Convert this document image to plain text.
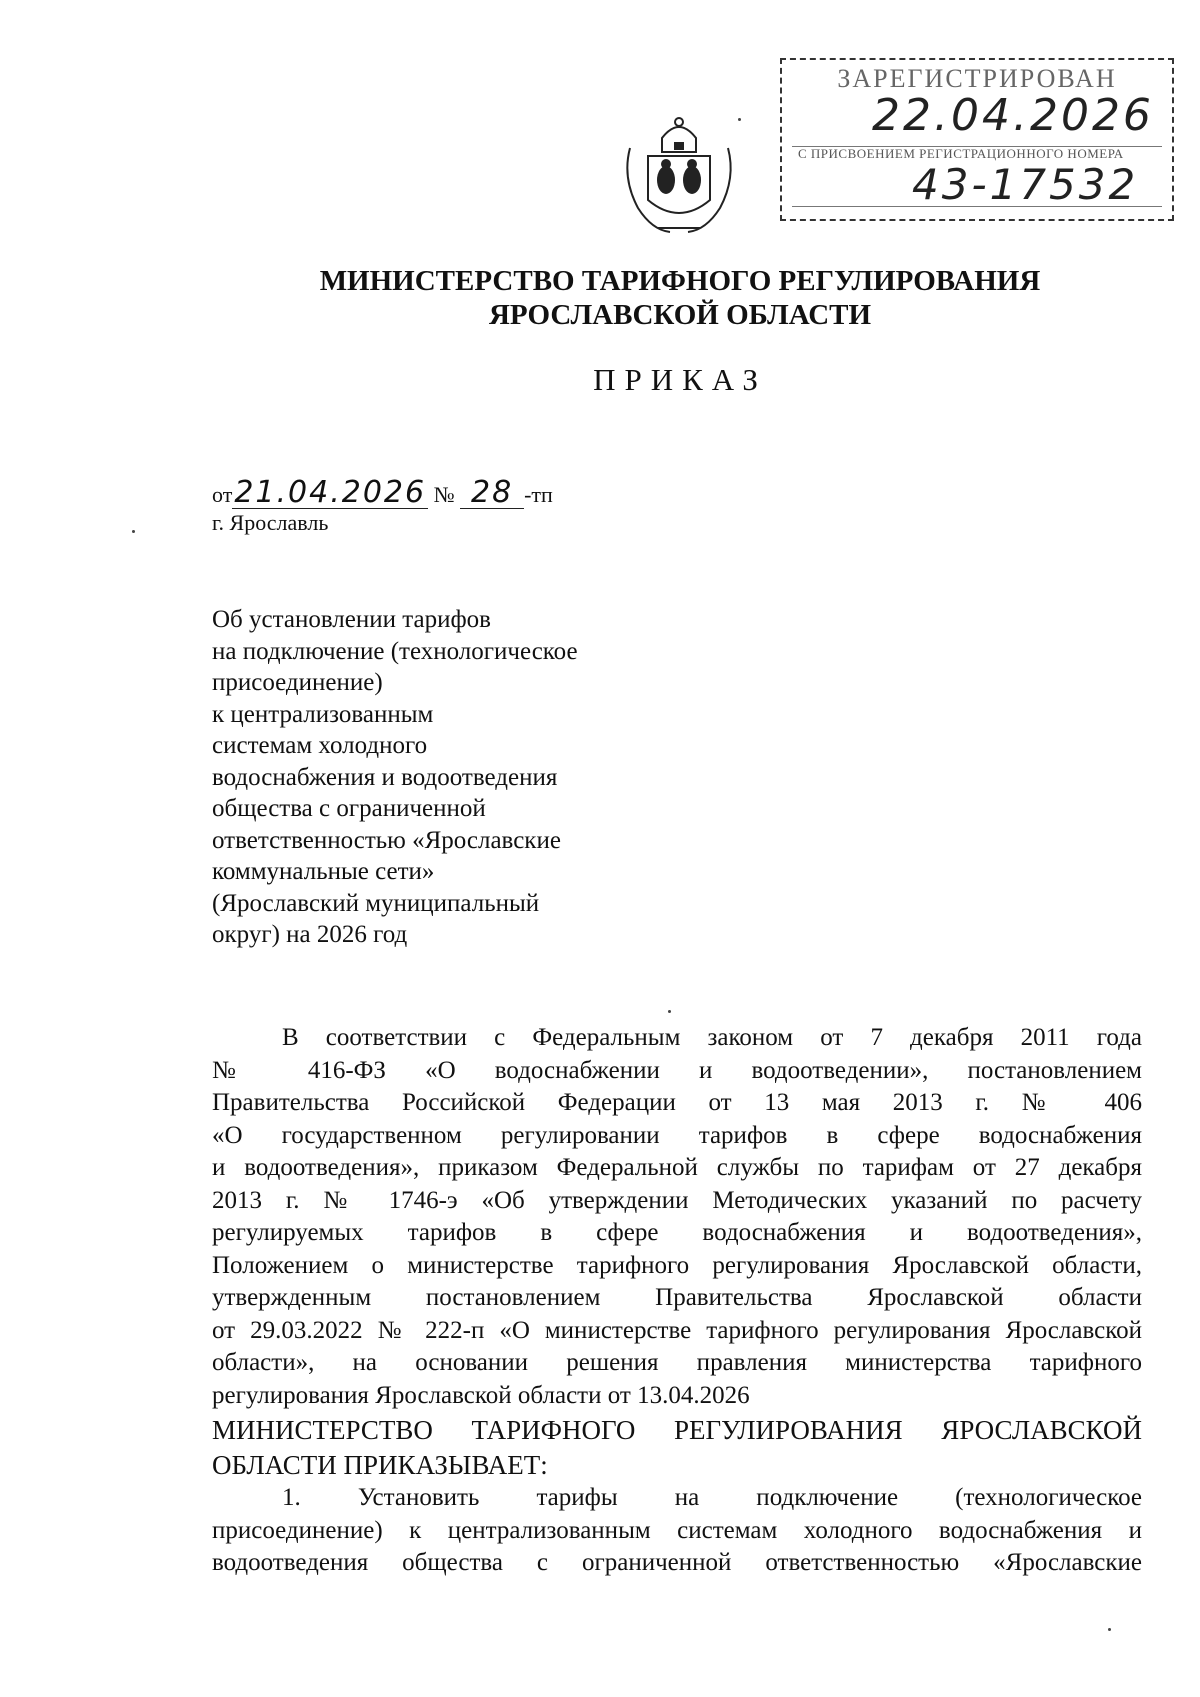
ЗАРЕГИСТРИРОВАН
22.04.2026
С ПРИСВОЕНИЕМ РЕГИСТРАЦИОННОГО НОМЕРА
43-17532
МИНИСТЕРСТВО ТАРИФНОГО РЕГУЛИРОВАНИЯ
ЯРОСЛАВСКОЙ ОБЛАСТИ
ПРИКАЗ
от21.04.2026 № 28 -тп
г. Ярославль
Об установлении тарифов
на подключение (технологическое
присоединение)
к централизованным
системам холодного
водоснабжения и водоотведения
общества с ограниченной
ответственностью «Ярославские
коммунальные сети»
(Ярославский муниципальный
округ) на 2026 год
В соответствии с Федеральным законом от 7 декабря 2011 года
№ 416-ФЗ «О водоснабжении и водоотведении», постановлением
Правительства Российской Федерации от 13 мая 2013 г. № 406
«О государственном регулировании тарифов в сфере водоснабжения
и водоотведения», приказом Федеральной службы по тарифам от 27 декабря
2013 г. № 1746-э «Об утверждении Методических указаний по расчету
регулируемых тарифов в сфере водоснабжения и водоотведения»,
Положением о министерстве тарифного регулирования Ярославской области,
утвержденным постановлением Правительства Ярославской области
от 29.03.2022 № 222-п «О министерстве тарифного регулирования Ярославской
области», на основании решения правления министерства тарифного
регулирования Ярославской области от 13.04.2026
МИНИСТЕРСТВО ТАРИФНОГО РЕГУЛИРОВАНИЯ ЯРОСЛАВСКОЙ
ОБЛАСТИ ПРИКАЗЫВАЕТ:
1. Установить тарифы на подключение (технологическое
присоединение) к централизованным системам холодного водоснабжения и
водоотведения общества с ограниченной ответственностью «Ярославские
